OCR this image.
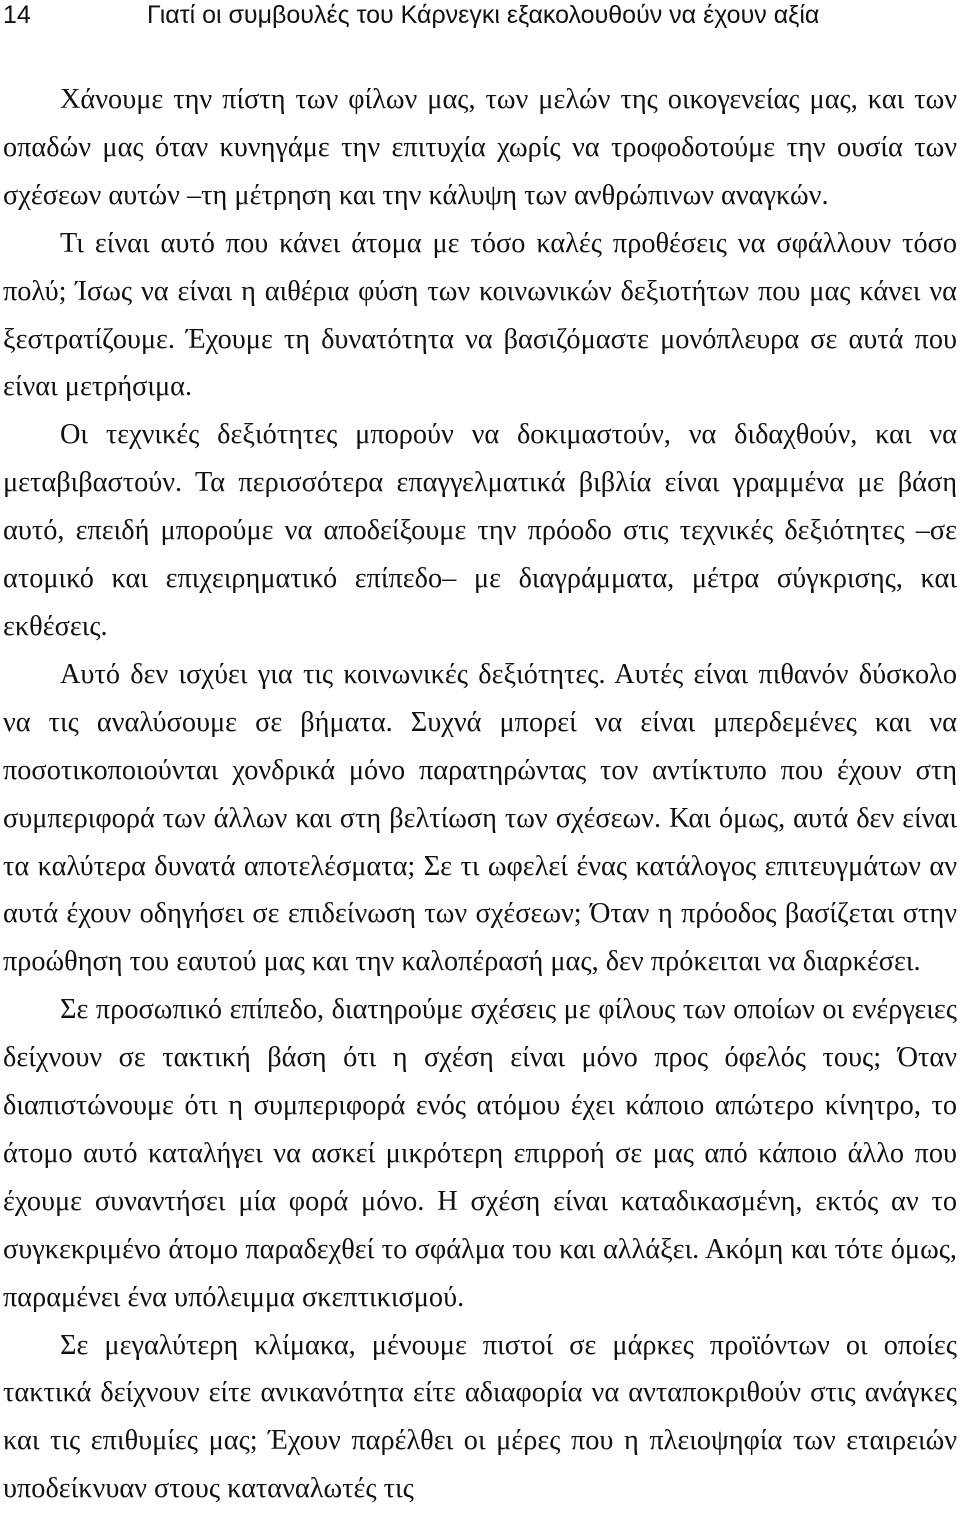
14	Γιατί οι συμβουλές του Κάρνεγκι εξακολουθούν να έχουν αξία

Χάνουμε την πίστη των φίλων μας, των μελών της οικογενείας μας, και των οπαδών μας όταν κυνηγάμε την επιτυχία χωρίς να τροφοδοτούμε την ουσία των σχέσεων αυτών –τη μέτρηση και την κάλυψη των ανθρώπινων αναγκών.

Τι είναι αυτό που κάνει άτομα με τόσο καλές προθέσεις να σφάλλουν τόσο πολύ; Ίσως να είναι η αιθέρια φύση των κοινωνικών δεξιοτήτων που μας κάνει να ξεστρατίζουμε. Έχουμε τη δυνατότητα να βασιζόμαστε μονόπλευρα σε αυτά που είναι μετρήσιμα.

Οι τεχνικές δεξιότητες μπορούν να δοκιμαστούν, να διδαχθούν, και να μεταβιβαστούν. Τα περισσότερα επαγγελματικά βιβλία είναι γραμμένα με βάση αυτό, επειδή μπορούμε να αποδείξουμε την πρόοδο στις τεχνικές δεξιότητες –σε ατομικό και επιχειρηματικό επίπεδο– με διαγράμματα, μέτρα σύγκρισης, και εκθέσεις.

Αυτό δεν ισχύει για τις κοινωνικές δεξιότητες. Αυτές είναι πιθανόν δύσκολο να τις αναλύσουμε σε βήματα. Συχνά μπορεί να είναι μπερδεμένες και να ποσοτικοποιούνται χονδρικά μόνο παρατηρώντας τον αντίκτυπο που έχουν στη συμπεριφορά των άλλων και στη βελτίωση των σχέσεων. Και όμως, αυτά δεν είναι τα καλύτερα δυνατά αποτελέσματα; Σε τι ωφελεί ένας κατάλογος επιτευγμάτων αν αυτά έχουν οδηγήσει σε επιδείνωση των σχέσεων; Όταν η πρόοδος βασίζεται στην προώθηση του εαυτού μας και την καλοπέρασή μας, δεν πρόκειται να διαρκέσει.

Σε προσωπικό επίπεδο, διατηρούμε σχέσεις με φίλους των οποίων οι ενέργειες δείχνουν σε τακτική βάση ότι η σχέση είναι μόνο προς όφελός τους; Όταν διαπιστώνουμε ότι η συμπεριφορά ενός ατόμου έχει κάποιο απώτερο κίνητρο, το άτομο αυτό καταλήγει να ασκεί μικρότερη επιρροή σε μας από κάποιο άλλο που έχουμε συναντήσει μία φορά μόνο. Η σχέση είναι καταδικασμένη, εκτός αν το συγκεκριμένο άτομο παραδεχθεί το σφάλμα του και αλλάξει. Ακόμη και τότε όμως, παραμένει ένα υπόλειμμα σκεπτικισμού.

Σε μεγαλύτερη κλίμακα, μένουμε πιστοί σε μάρκες προϊόντων οι οποίες τακτικά δείχνουν είτε ανικανότητα είτε αδιαφορία να ανταποκριθούν στις ανάγκες και τις επιθυμίες μας; Έχουν παρέλθει οι μέρες που η πλειοψηφία των εταιρειών υποδείκνυαν στους καταναλωτές τις
